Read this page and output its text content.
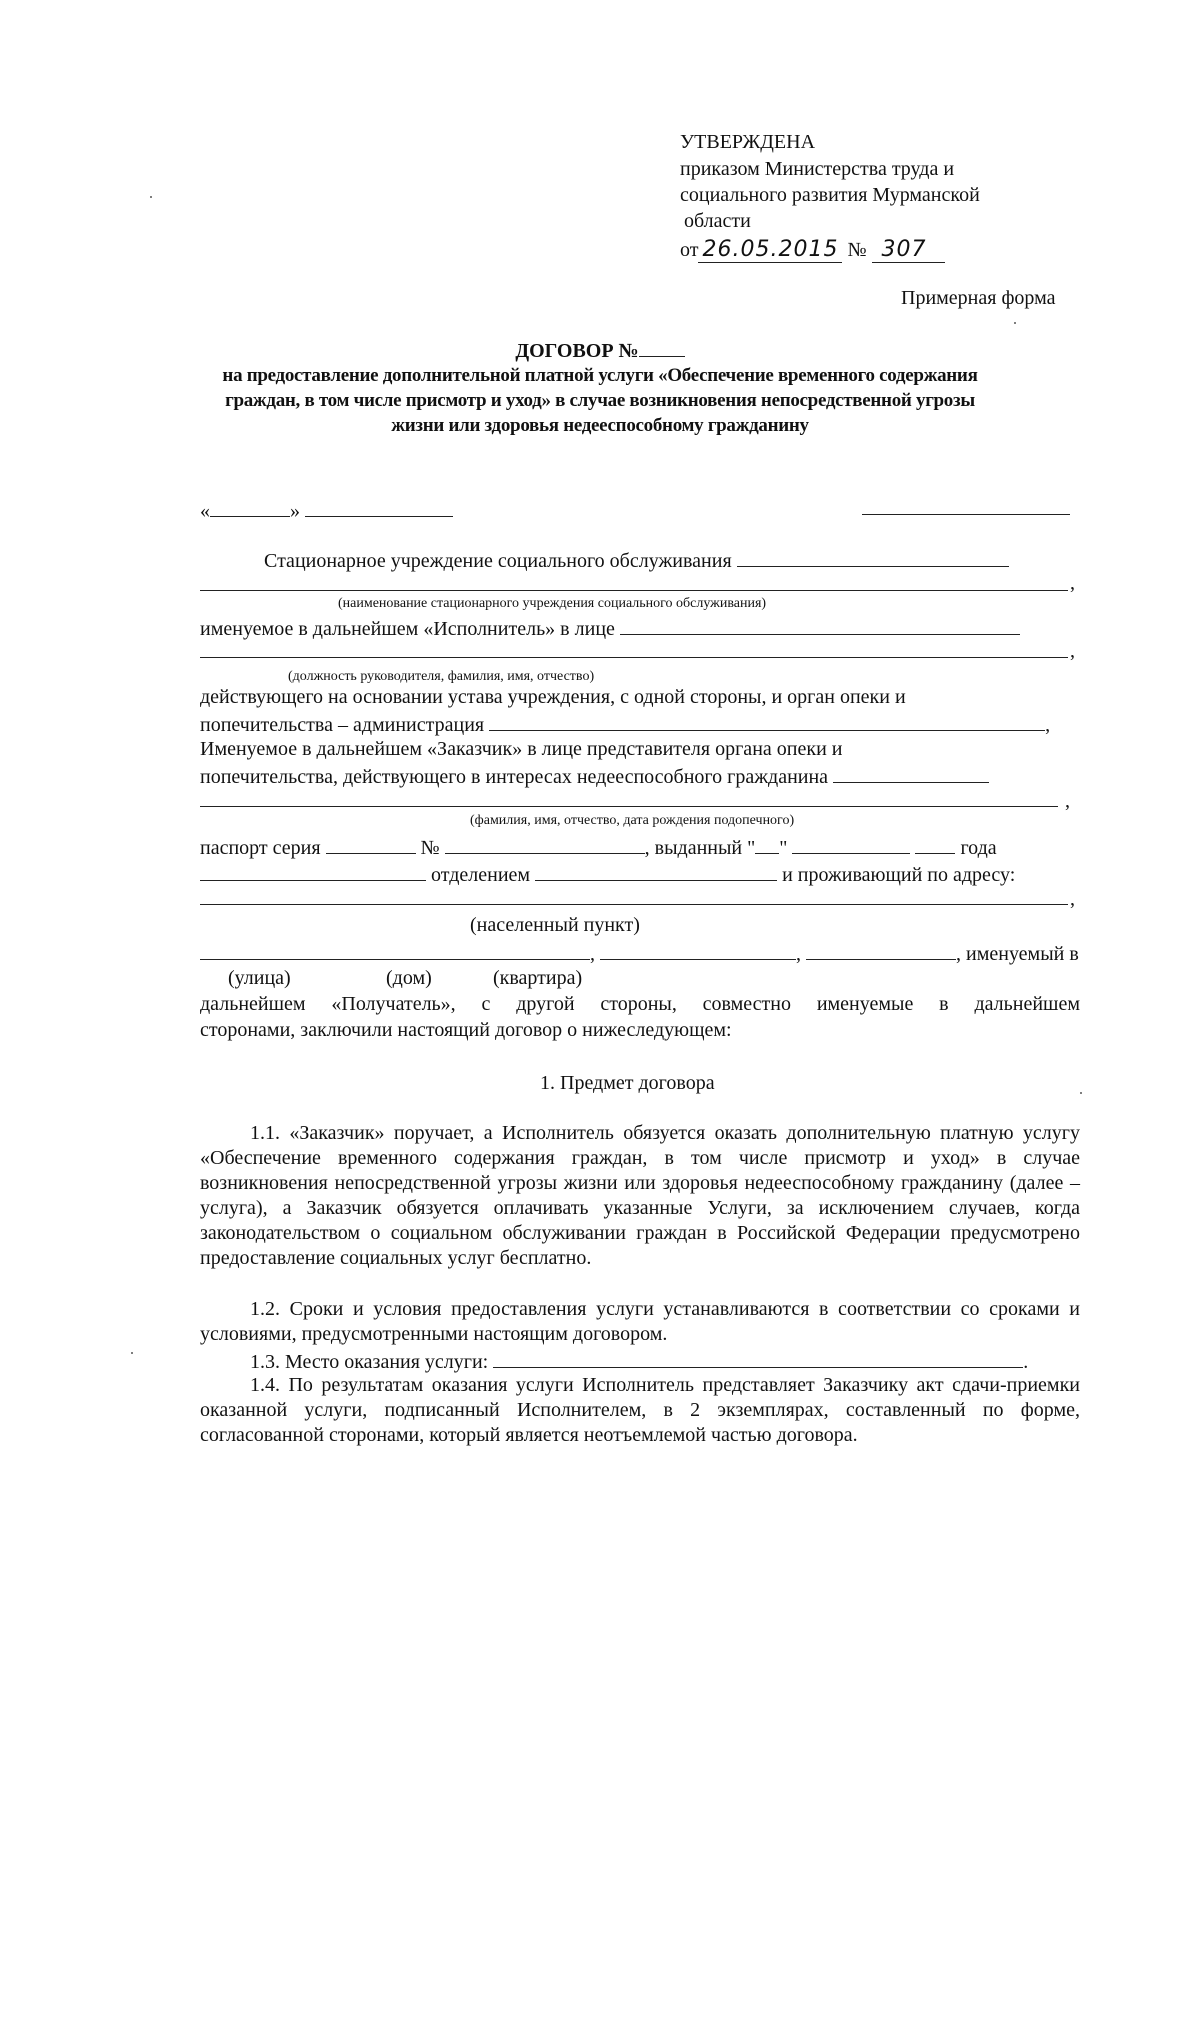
УТВЕРЖДЕНА
приказом Министерства труда и
социального развития Мурманской
области
от 26.05.2015 № 307
Примерная форма
ДОГОВОР №
на предоставление дополнительной платной услуги «Обеспечение временного содержания
граждан, в том числе присмотр и уход» в случае возникновения непосредственной угрозы
жизни или здоровья недееспособному гражданину
«	»
Стационарное учреждение социального обслуживания
,
(наименование стационарного учреждения социального обслуживания)
именуемое в дальнейшем «Исполнитель» в лице
,
(должность руководителя, фамилия, имя, отчество)
действующего на основании устава учреждения, с одной стороны, и орган опеки и
попечительства – администрация	,
Именуемое в дальнейшем «Заказчик» в лице представителя органа опеки и
попечительства, действующего в интересах недееспособного гражданина
,
(фамилия, имя, отчество, дата рождения подопечного)
паспорт серия	№	, выданный " "	года
отделением	и проживающий по адресу:
,
(населенный пункт)
,	,	, именуемый в
(улица)	(дом)	(квартира)
дальнейшем «Получатель», с другой стороны, совместно именуемые в дальнейшем
сторонами, заключили настоящий договор о нижеследующем:
1. Предмет договора
1.1. «Заказчик» поручает, а Исполнитель обязуется оказать дополнительную платную услугу «Обеспечение временного содержания граждан, в том числе присмотр и уход» в случае возникновения непосредственной угрозы жизни или здоровья недееспособному гражданину (далее – услуга), а Заказчик обязуется оплачивать указанные Услуги, за исключением случаев, когда законодательством о социальном обслуживании граждан в Российской Федерации предусмотрено предоставление социальных услуг бесплатно.
1.2. Сроки и условия предоставления услуги устанавливаются в соответствии со сроками и условиями, предусмотренными настоящим договором.
1.3. Место оказания услуги:	.
1.4. По результатам оказания услуги Исполнитель представляет Заказчику акт сдачи-приемки оказанной услуги, подписанный Исполнителем, в 2 экземплярах, составленный по форме, согласованной сторонами, который является неотъемлемой частью договора.
